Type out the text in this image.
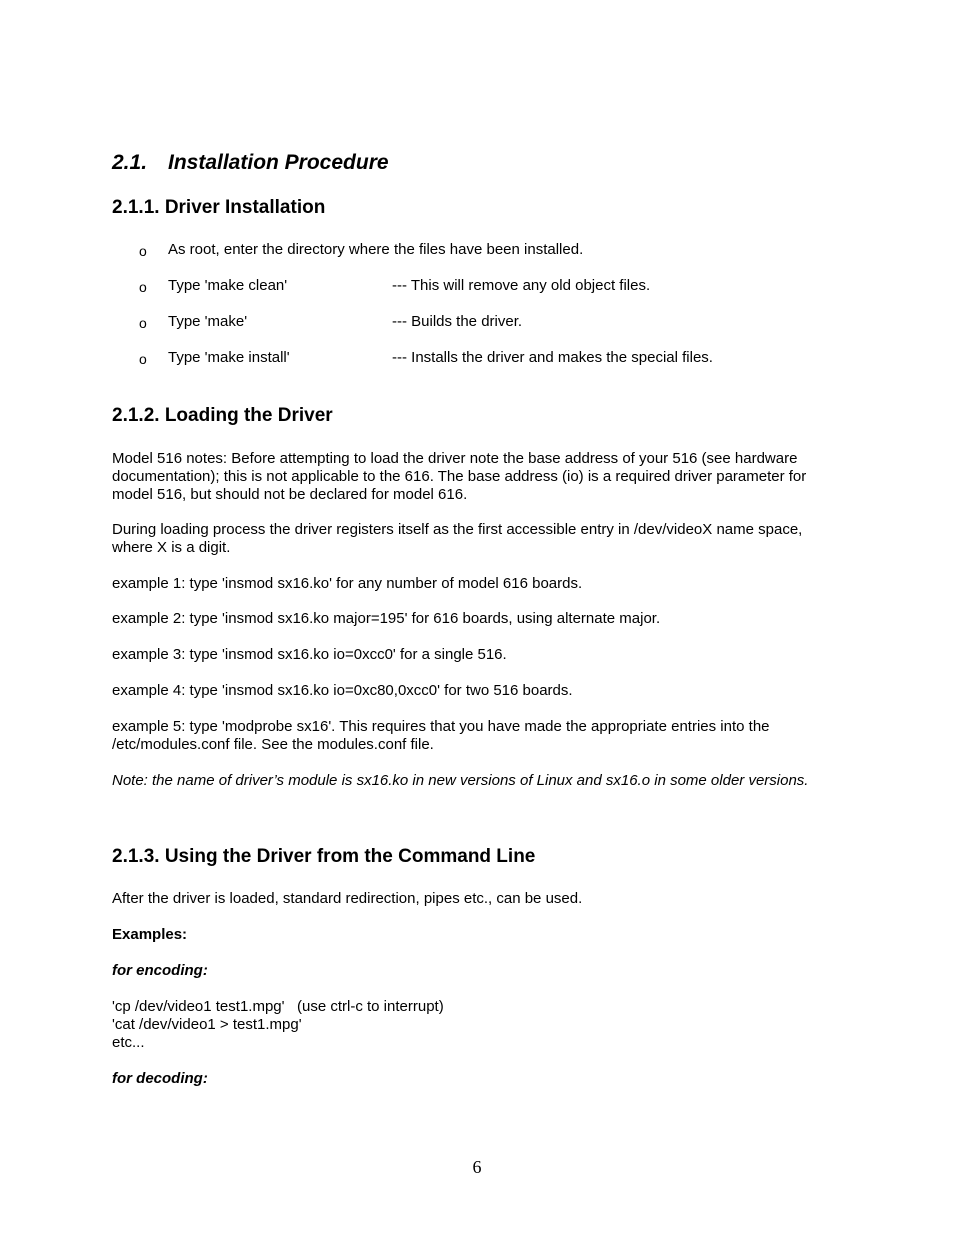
2.1. Installation Procedure
2.1.1. Driver Installation
o As root, enter the directory where the files have been installed.
o Type 'make clean'	--- This will remove any old object files.
o Type 'make'	--- Builds the driver.
o Type 'make install'	--- Installs the driver and makes the special files.
2.1.2. Loading the Driver
Model 516 notes: Before attempting to load the driver note the base address of your 516 (see hardware
documentation); this is not applicable to the 616. The base address (io) is a required driver parameter for
model 516, but should not be declared for model 616.
During loading process the driver registers itself as the first accessible entry in /dev/videoX name space,
where X is a digit.
example 1: type 'insmod sx16.ko' for any number of model 616 boards.
example 2: type 'insmod sx16.ko major=195' for 616 boards, using alternate major.
example 3: type 'insmod sx16.ko io=0xcc0' for a single 516.
example 4: type 'insmod sx16.ko io=0xc80,0xcc0' for two 516 boards.
example 5: type 'modprobe sx16'. This requires that you have made the appropriate entries into the
/etc/modules.conf file. See the modules.conf file.
Note: the name of driver’s module is sx16.ko in new versions of Linux and sx16.o in some older versions.
2.1.3. Using the Driver from the Command Line
After the driver is loaded, standard redirection, pipes etc., can be used.
Examples:
for encoding:
'cp /dev/video1 test1.mpg'   (use ctrl-c to interrupt)
'cat /dev/video1 > test1.mpg'
etc...
for decoding:
6
